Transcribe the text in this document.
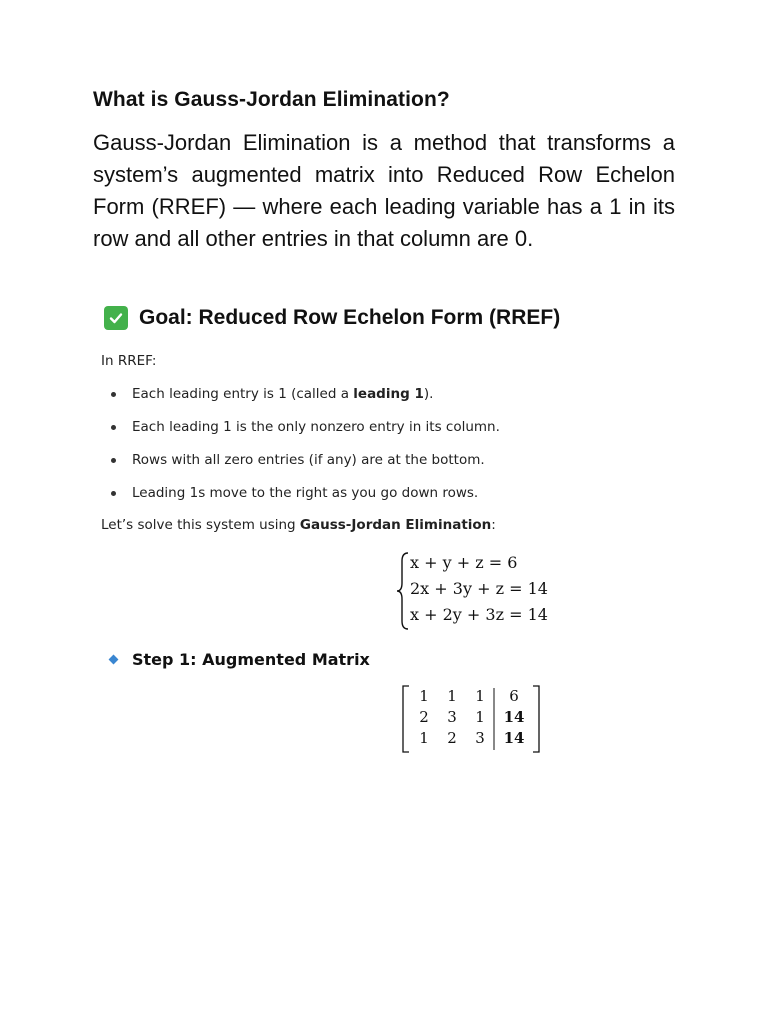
What is Gauss-Jordan Elimination?
Gauss-Jordan Elimination is a method that transforms a system’s augmented matrix into Reduced Row Echelon Form (RREF) — where each leading variable has a 1 in its row and all other entries in that column are 0.
Goal: Reduced Row Echelon Form (RREF)
In RREF:
Each leading entry is 1 (called a leading 1).
Each leading 1 is the only nonzero entry in its column.
Rows with all zero entries (if any) are at the bottom.
Leading 1s move to the right as you go down rows.
Let’s solve this system using Gauss-Jordan Elimination:
x + y + z = 6
2x + 3y + z = 14
x + 2y + 3z = 14
Step 1: Augmented Matrix
1	1	1	6
2	3	1	14
1	2	3	14
